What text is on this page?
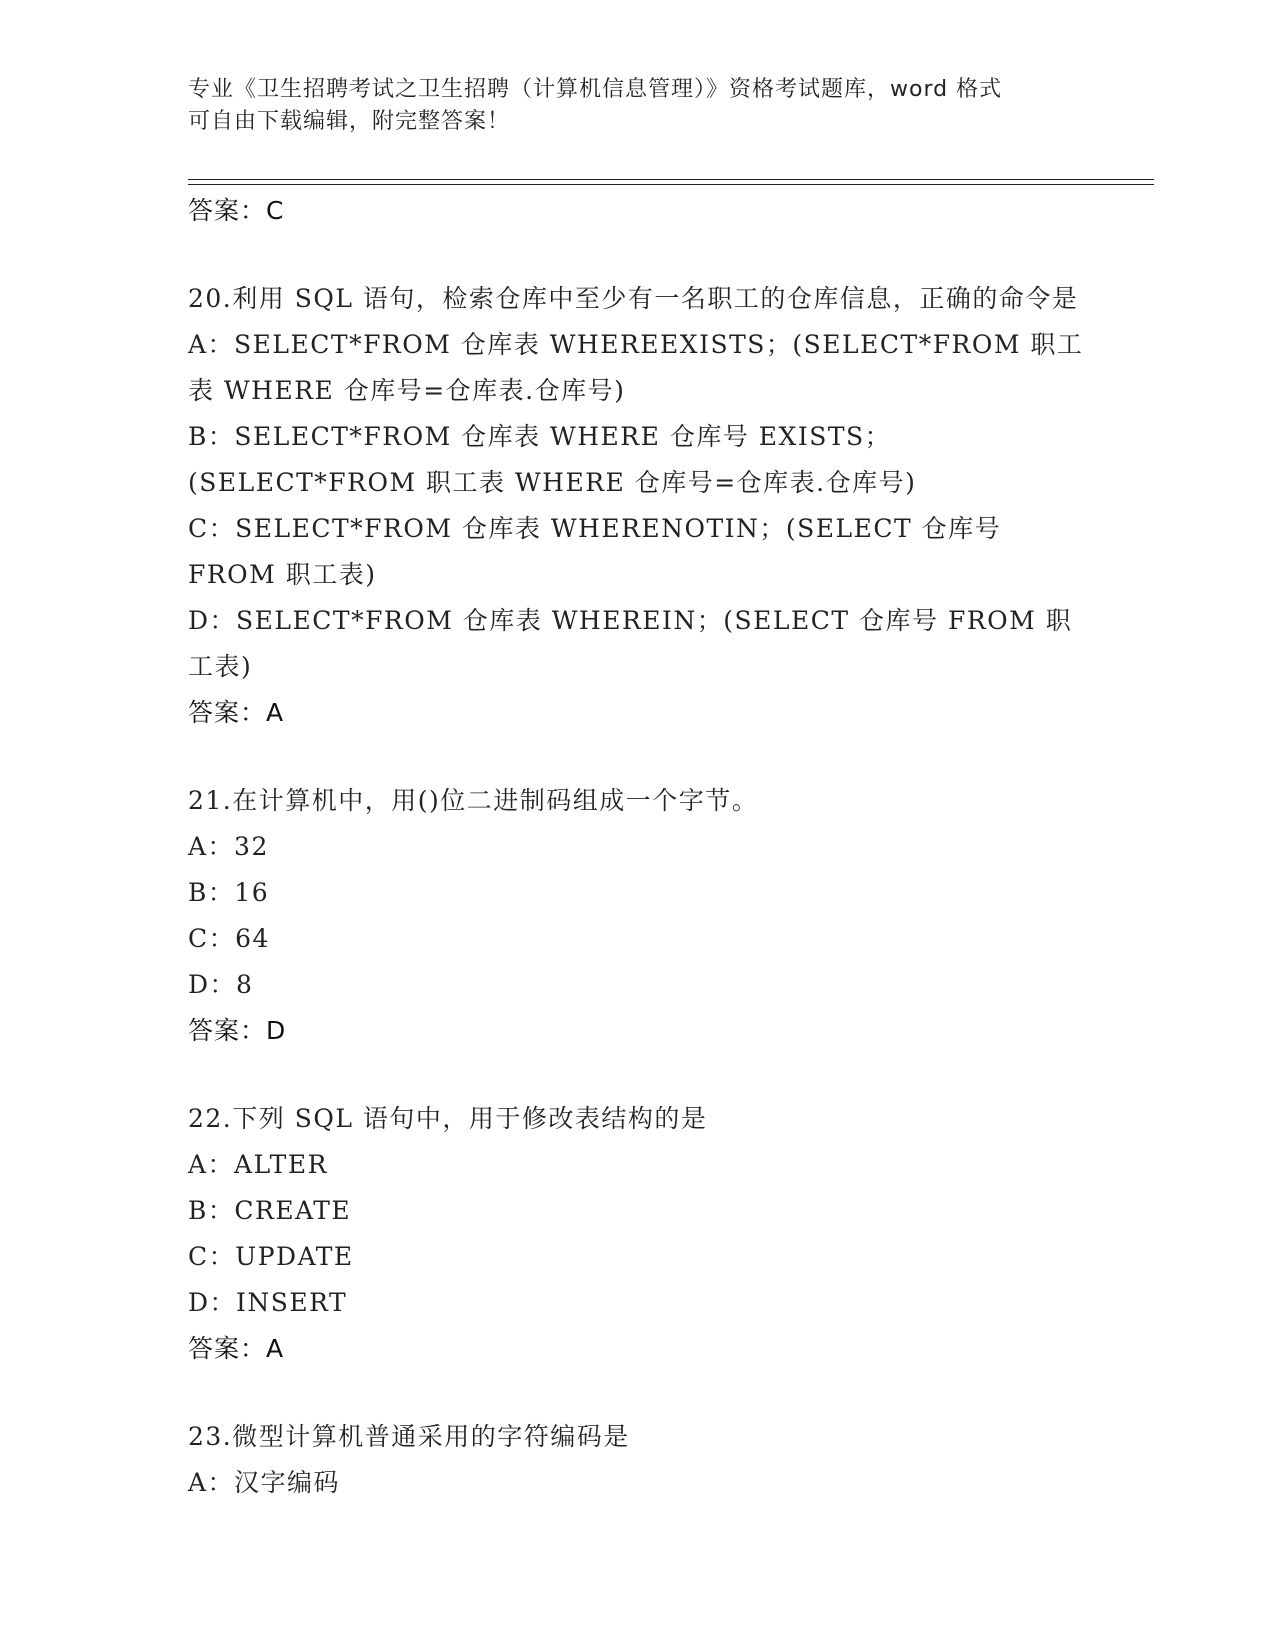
专业《卫生招聘考试之卫生招聘（计算机信息管理）》资格考试题库，word 格式
可自由下载编辑，附完整答案！
答案：C
20.利用 SQL 语句，检索仓库中至少有一名职工的仓库信息，正确的命令是
A：SELECT*FROM 仓库表 WHEREEXISTS；(SELECT*FROM 职工表 WHERE 仓库号=仓库表.仓库号)
B：SELECT*FROM 仓库表 WHERE 仓库号 EXISTS；(SELECT*FROM 职工表 WHERE 仓库号=仓库表.仓库号)
C：SELECT*FROM 仓库表 WHERENOTIN；(SELECT 仓库号 FROM 职工表)
D：SELECT*FROM 仓库表 WHEREIN；(SELECT 仓库号 FROM 职工表)
答案：A
21.在计算机中，用()位二进制码组成一个字节。
A：32
B：16
C：64
D：8
答案：D
22.下列 SQL 语句中，用于修改表结构的是
A：ALTER
B：CREATE
C：UPDATE
D：INSERT
答案：A
23.微型计算机普通采用的字符编码是
A：汉字编码
